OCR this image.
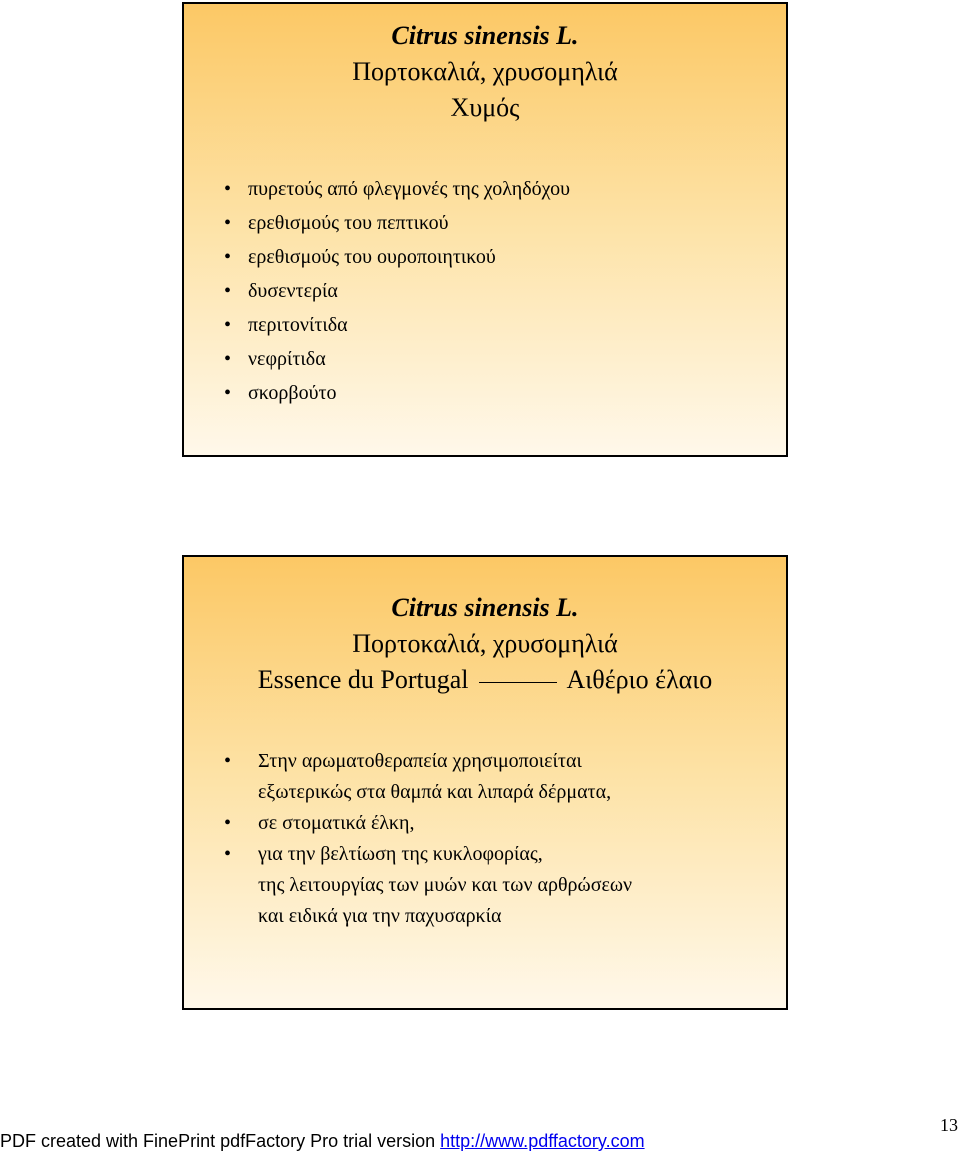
Citrus sinensis L.
Πορτοκαλιά, χρυσομηλιά
Χυμός
• πυρετούς από φλεγμονές της χοληδόχου
• ερεθισμούς του πεπτικού
• ερεθισμούς του ουροποιητικού
• δυσεντερία
• περιτονίτιδα
• νεφρίτιδα
• σκορβούτο
Citrus sinensis L.
Πορτοκαλιά, χρυσομηλιά
Essence du Portugal	Αιθέριο έλαιο
• Στην αρωματοθεραπεία χρησιμοποιείται
εξωτερικώς στα θαμπά και λιπαρά δέρματα,
• σε στοματικά έλκη,
• για την βελτίωση της κυκλοφορίας,
της λειτουργίας των μυών και των αρθρώσεων
και ειδικά για την παχυσαρκία
PDF created with FinePrint pdfFactory Pro trial version http://www.pdffactory.com
13
